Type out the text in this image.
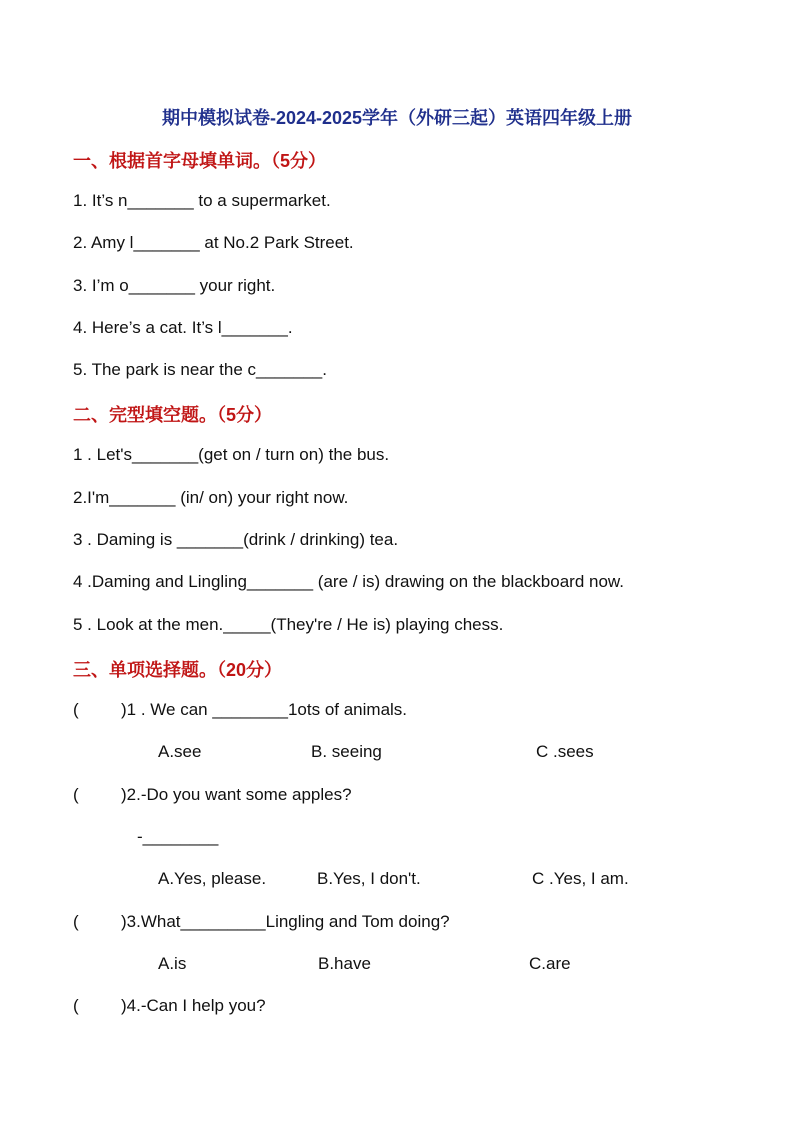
期中模拟试卷-2024-2025学年（外研三起）英语四年级上册
一、根据首字母填单词。（5分）
1. It’s n_______ to a supermarket.
2. Amy l_______ at No.2 Park Street.
3. I’m o_______ your right.
4. Here’s a cat. It’s l_______.
5. The park is near the c_______.
二、完型填空题。（5分）
1 . Let's_______(get on / turn on) the bus.
2.I'm_______ (in/ on) your right now.
3 . Daming is _______(drink / drinking) tea.
4 .Daming and Lingling_______ (are / is) drawing on the blackboard now.
5 . Look at the men._____(They're / He is) playing chess.
三、单项选择题。（20分）
( )1 . We can ________1ots of animals.
A.see	B. seeing	C .sees
( )2.-Do you want some apples?
-________
A.Yes, please.	B.Yes, I don't.	C .Yes, I am.
( )3.What_________Lingling and Tom doing?
A.is	B.have	C.are
( )4.-Can I help you?
